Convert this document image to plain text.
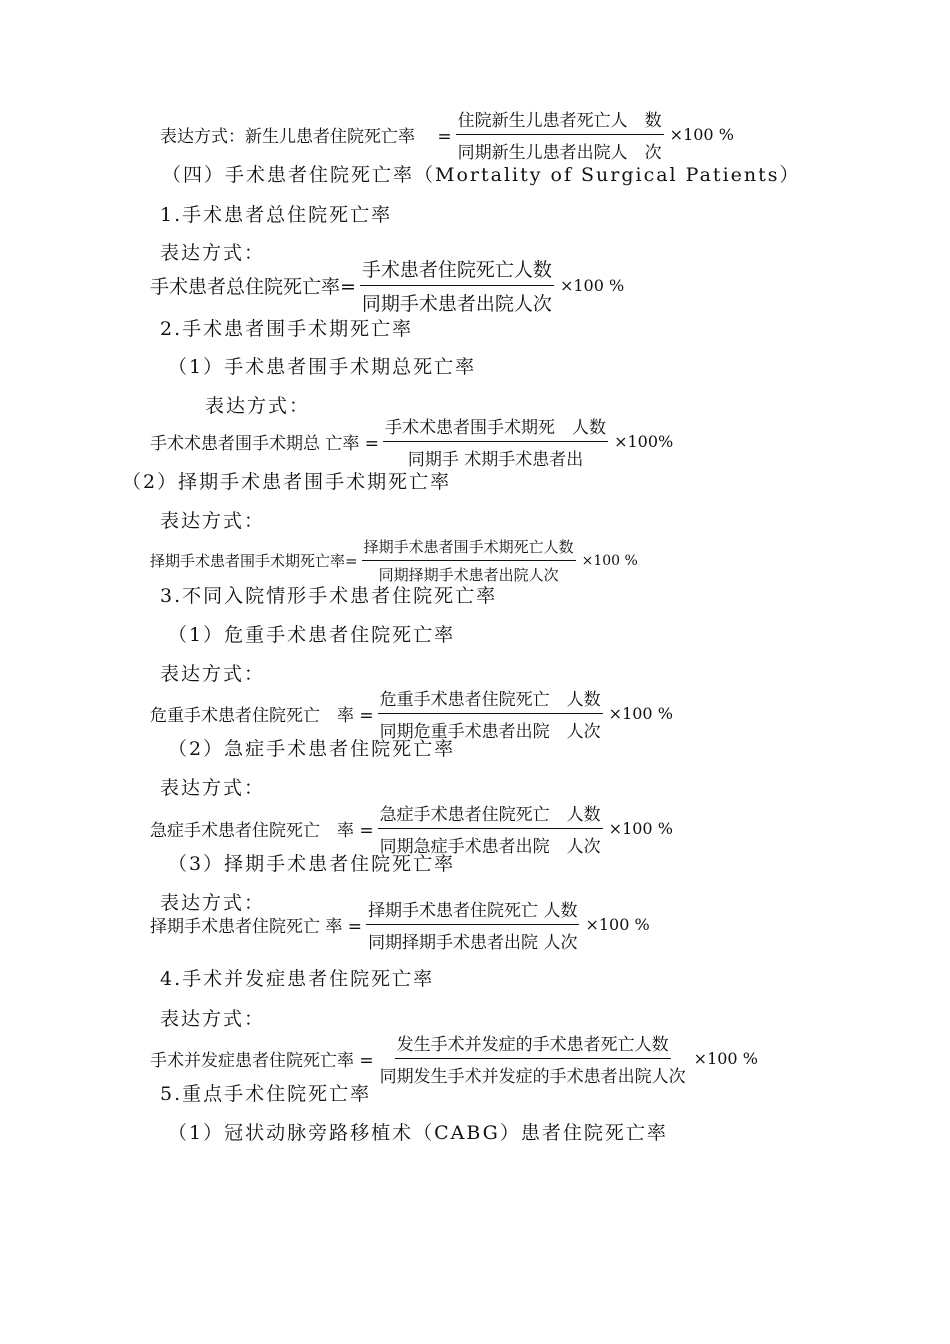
表达方式：新生儿患者住院死亡率 　= $\frac{\text{住院新生儿患者死亡人　数}}{\text{同期新生儿患者出院人　次}} \times 100$ %
（四）手术患者住院死亡率（Mortality of Surgical Patients）
1.手术患者总住院死亡率
表达方式：
手术患者总住院死亡率= $\frac{\text{手术患者住院死亡人数}}{\text{同期手术患者出院人次}} \times 100$ %
2.手术患者围手术期死亡率
（1）手术患者围手术期总死亡率
表达方式：
手术术患者围手术期总 亡率 = $\frac{\text{手术术患者围手术期死　人数}}{\text{同期手 术期手术患者出}} \times 100\%$
（2）择期手术患者围手术期死亡率
表达方式：
择期手术患者围手术期死亡率= $\frac{\text{择期手术患者围手术期死亡人数}}{\text{同期择期手术患者出院人次}} \times 100$ %
3.不同入院情形手术患者住院死亡率
（1）危重手术患者住院死亡率
表达方式：
危重手术患者住院死亡　率 = $\frac{\text{危重手术患者住院死亡　人数}}{\text{同期危重手术患者出院　人次}} \times 100$ %
（2）急症手术患者住院死亡率
表达方式：
急症手术患者住院死亡　率 = $\frac{\text{急症手术患者住院死亡　人数}}{\text{同期急症手术患者出院　人次}} \times 100$ %
（3）择期手术患者住院死亡率
表达方式：
择期手术患者住院死亡 率 = $\frac{\text{择期手术患者住院死亡 人数}}{\text{同期择期手术患者出院 人次}} \times 100$ %
4.手术并发症患者住院死亡率
表达方式：
手术并发症患者住院死亡率 = $\frac{\text{发生手术并发症的手术患者死亡人数}}{\text{同期发生手术并发症的手术患者出院人次}} \times 100$ %
5.重点手术住院死亡率
（1）冠状动脉旁路移植术（CABG）患者住院死亡率
